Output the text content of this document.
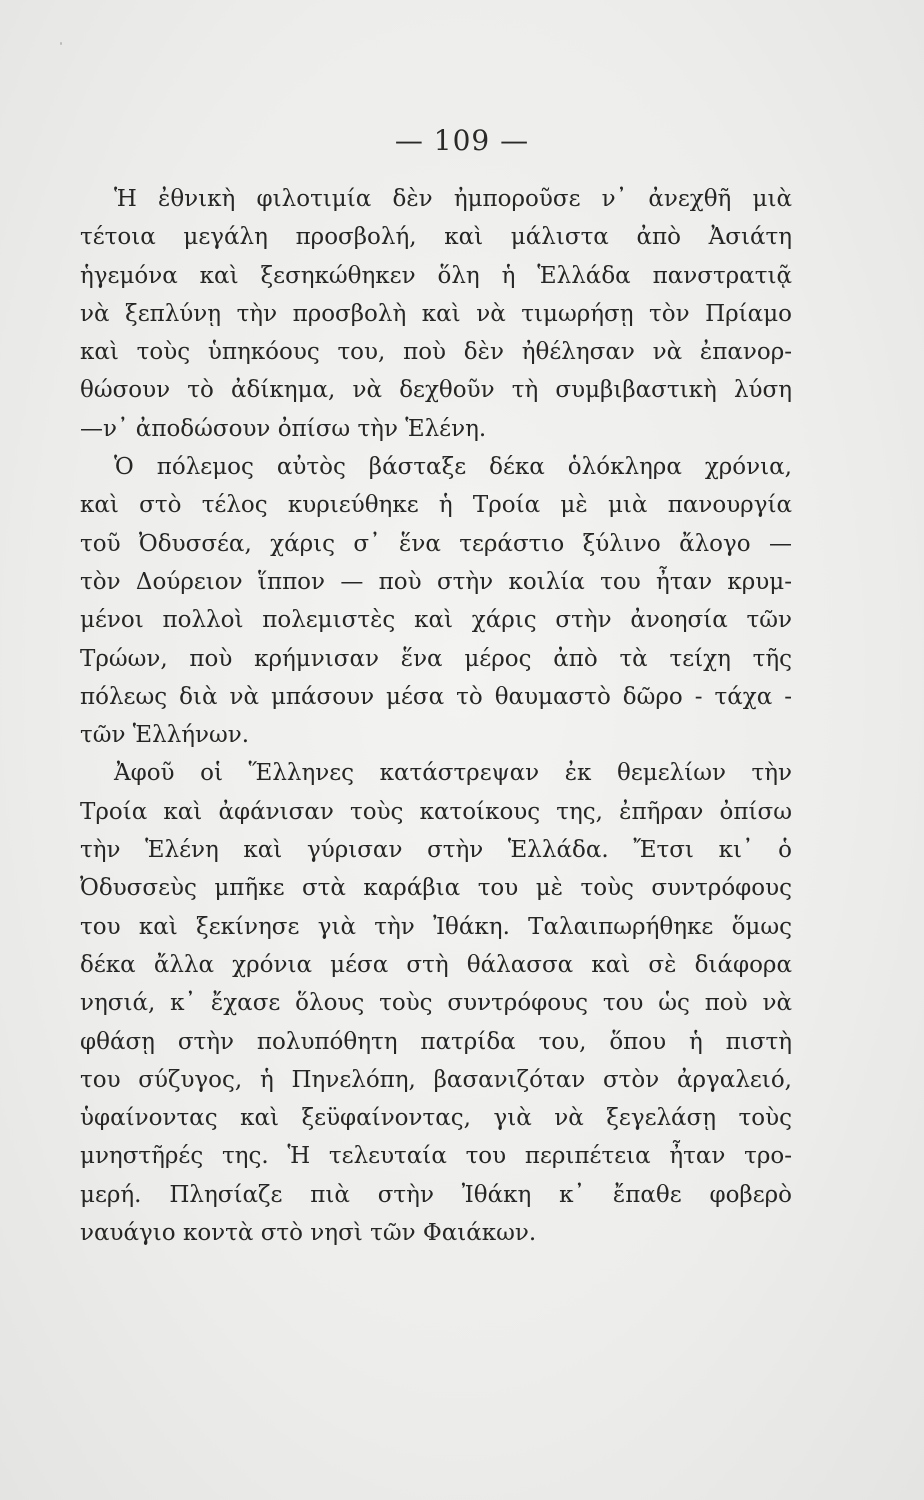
— 109 —
Ἡ ἐθνικὴ φιλοτιμία δὲν ἠμποροῦσε ν᾽ ἀνεχθῆ μιὰ
τέτοια μεγάλη προσβολή, καὶ μάλιστα ἀπὸ Ἀσιάτη
ἡγεμόνα καὶ ξεσηκώθηκεν ὅλη ἡ Ἑλλάδα πανστρατιᾷ
νὰ ξεπλύνῃ τὴν προσβολὴ καὶ νὰ τιμωρήσῃ τὸν Πρίαμο
καὶ τοὺς ὑπηκόους του, ποὺ δὲν ἠθέλησαν νὰ ἐπανορ-
θώσουν τὸ ἀδίκημα, νὰ δεχθοῦν τὴ συμβιβαστικὴ λύση
—ν᾽ ἀποδώσουν ὀπίσω τὴν Ἑλένη.
Ὁ πόλεμος αὐτὸς βάσταξε δέκα ὁλόκληρα χρόνια,
καὶ στὸ τέλος κυριεύθηκε ἡ Τροία μὲ μιὰ πανουργία
τοῦ Ὀδυσσέα, χάρις σ᾽ ἕνα τεράστιο ξύλινο ἄλογο —
τὸν Δούρειον ἵππον — ποὺ στὴν κοιλία του ἦταν κρυμ-
μένοι πολλοὶ πολεμιστὲς καὶ χάρις στὴν ἀνοησία τῶν
Τρώων, ποὺ κρήμνισαν ἕνα μέρος ἀπὸ τὰ τείχη τῆς
πόλεως διὰ νὰ μπάσουν μέσα τὸ θαυμαστὸ δῶρο - τάχα -
τῶν Ἑλλήνων.
Ἀφοῦ οἱ Ἕλληνες κατάστρεψαν ἐκ θεμελίων τὴν
Τροία καὶ ἀφάνισαν τοὺς κατοίκους της, ἐπῆραν ὀπίσω
τὴν Ἑλένη καὶ γύρισαν στὴν Ἑλλάδα. Ἔτσι κι᾽ ὁ
Ὀδυσσεὺς μπῆκε στὰ καράβια του μὲ τοὺς συντρόφους
του καὶ ξεκίνησε γιὰ τὴν Ἰθάκη. Ταλαιπωρήθηκε ὅμως
δέκα ἄλλα χρόνια μέσα στὴ θάλασσα καὶ σὲ διάφορα
νησιά, κ᾽ ἔχασε ὅλους τοὺς συντρόφους του ὡς ποὺ νὰ
φθάσῃ στὴν πολυπόθητη πατρίδα του, ὅπου ἡ πιστὴ
του σύζυγος, ἡ Πηνελόπη, βασανιζόταν στὸν ἀργαλειό,
ὑφαίνοντας καὶ ξεϋφαίνοντας, γιὰ νὰ ξεγελάσῃ τοὺς
μνηστῆρές της. Ἡ τελευταία του περιπέτεια ἦταν τρο-
μερή. Πλησίαζε πιὰ στὴν Ἰθάκη κ᾽ ἔπαθε φοβερὸ
ναυάγιο κοντὰ στὸ νησὶ τῶν Φαιάκων.
